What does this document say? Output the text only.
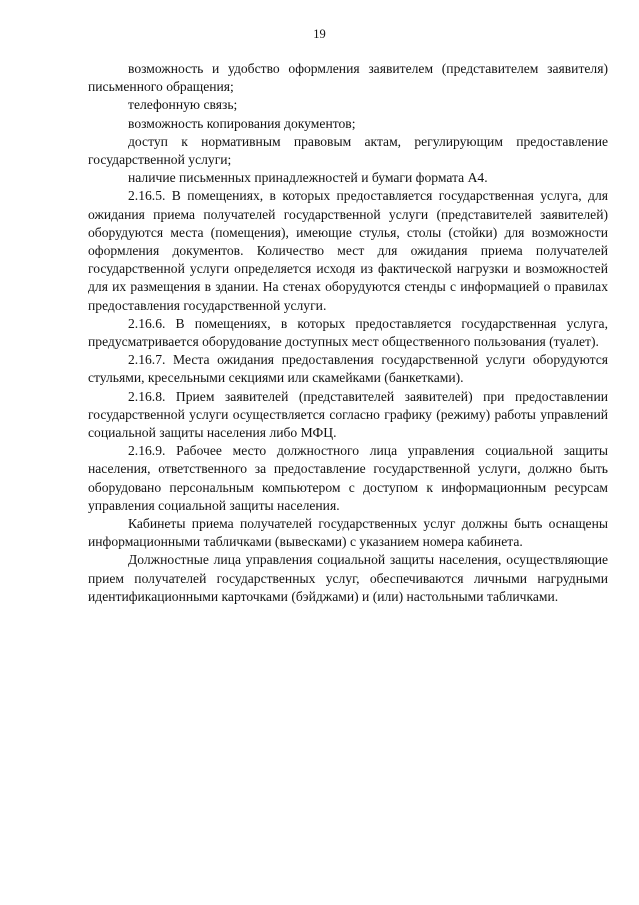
19

возможность и удобство оформления заявителем (представителем заявителя) письменного обращения;

телефонную связь;

возможность копирования документов;

доступ к нормативным правовым актам, регулирующим предоставление государственной услуги;

наличие письменных принадлежностей и бумаги формата А4.

2.16.5. В помещениях, в которых предоставляется государственная услуга, для ожидания приема получателей государственной услуги (представителей заявителей) оборудуются места (помещения), имеющие стулья, столы (стойки) для возможности оформления документов. Количество мест для ожидания приема получателей государственной услуги определяется исходя из фактической нагрузки и возможностей для их размещения в здании. На стенах оборудуются стенды с информацией о правилах предоставления государственной услуги.

2.16.6. В помещениях, в которых предоставляется государственная услуга, предусматривается оборудование доступных мест общественного пользования (туалет).

2.16.7. Места ожидания предоставления государственной услуги оборудуются стульями, кресельными секциями или скамейками (банкетками).

2.16.8. Прием заявителей (представителей заявителей) при предоставлении государственной услуги осуществляется согласно графику (режиму) работы управлений социальной защиты населения либо МФЦ.

2.16.9. Рабочее место должностного лица управления социальной защиты населения, ответственного за предоставление государственной услуги, должно быть оборудовано персональным компьютером с доступом к информационным ресурсам управления социальной защиты населения.

Кабинеты приема получателей государственных услуг должны быть оснащены информационными табличками (вывесками) с указанием номера кабинета.

Должностные лица управления социальной защиты населения, осуществляющие прием получателей государственных услуг, обеспечиваются личными нагрудными идентификационными карточками (бэйджами) и (или) настольными табличками.
